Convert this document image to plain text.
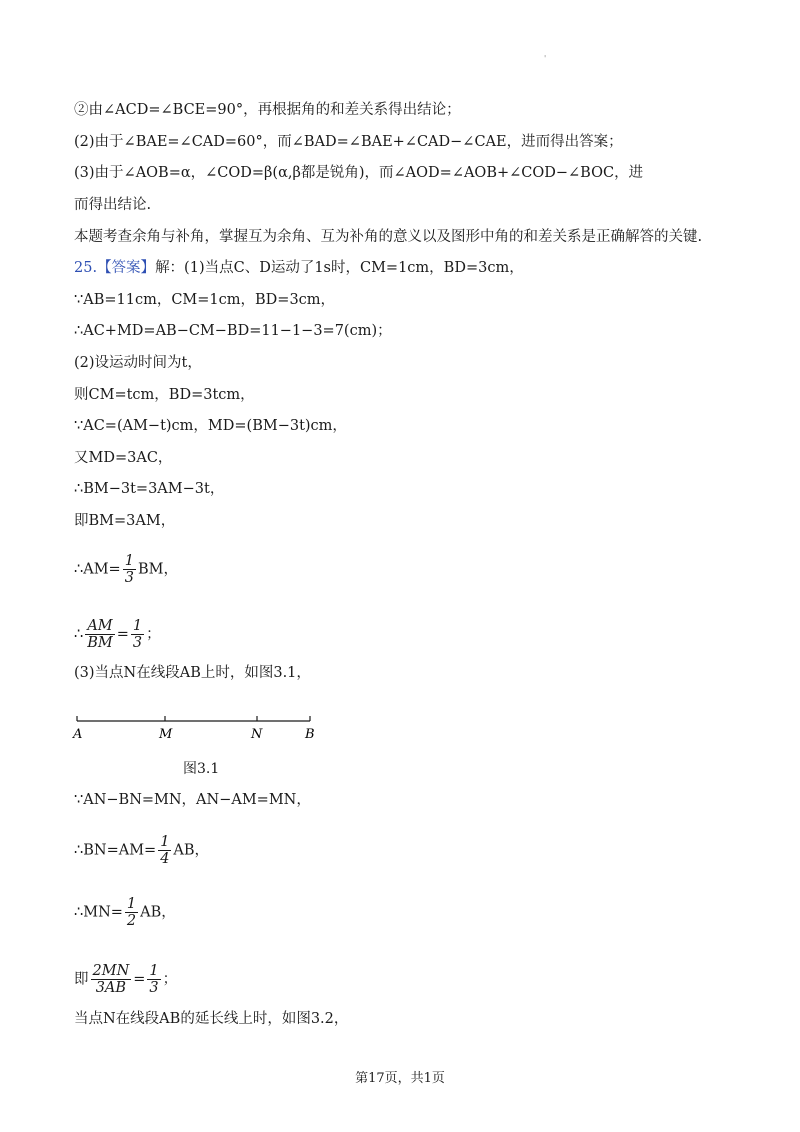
'
②由∠ACD=∠BCE=90°，再根据角的和差关系得出结论；
(2)由于∠BAE=∠CAD=60°，而∠BAD=∠BAE+∠CAD−∠CAE，进而得出答案；
(3)由于∠AOB=α，∠COD=β(α,β都是锐角)，而∠AOD=∠AOB+∠COD−∠BOC，进
而得出结论.
本题考查余角与补角，掌握互为余角、互为补角的意义以及图形中角的和差关系是正确解答的关键.
25.【答案】解：(1)当点C、D运动了1s时，CM=1cm，BD=3cm，
∵AB=11cm，CM=1cm，BD=3cm，
∴AC+MD=AB−CM−BD=11−1−3=7(cm)；
(2)设运动时间为t，
则CM=tcm，BD=3tcm，
∵AC=(AM−t)cm，MD=(BM−3t)cm，
又MD=3AC，
∴BM−3t=3AM−3t，
即BM=3AM，
∴AM= $\frac{1}{3}$ BM，
∴ $\frac{AM}{BM} = \frac{1}{3}$ ；
(3)当点N在线段AB上时，如图3.1，
A	M	N	B
图3.1
∵AN−BN=MN，AN−AM=MN，
∴BN=AM= $\frac{1}{4}$ AB，
∴MN= $\frac{1}{2}$ AB，
即 $\frac{2MN}{3AB} = \frac{1}{3}$ ；
当点N在线段AB的延长线上时，如图3.2，
第17页，共1页
